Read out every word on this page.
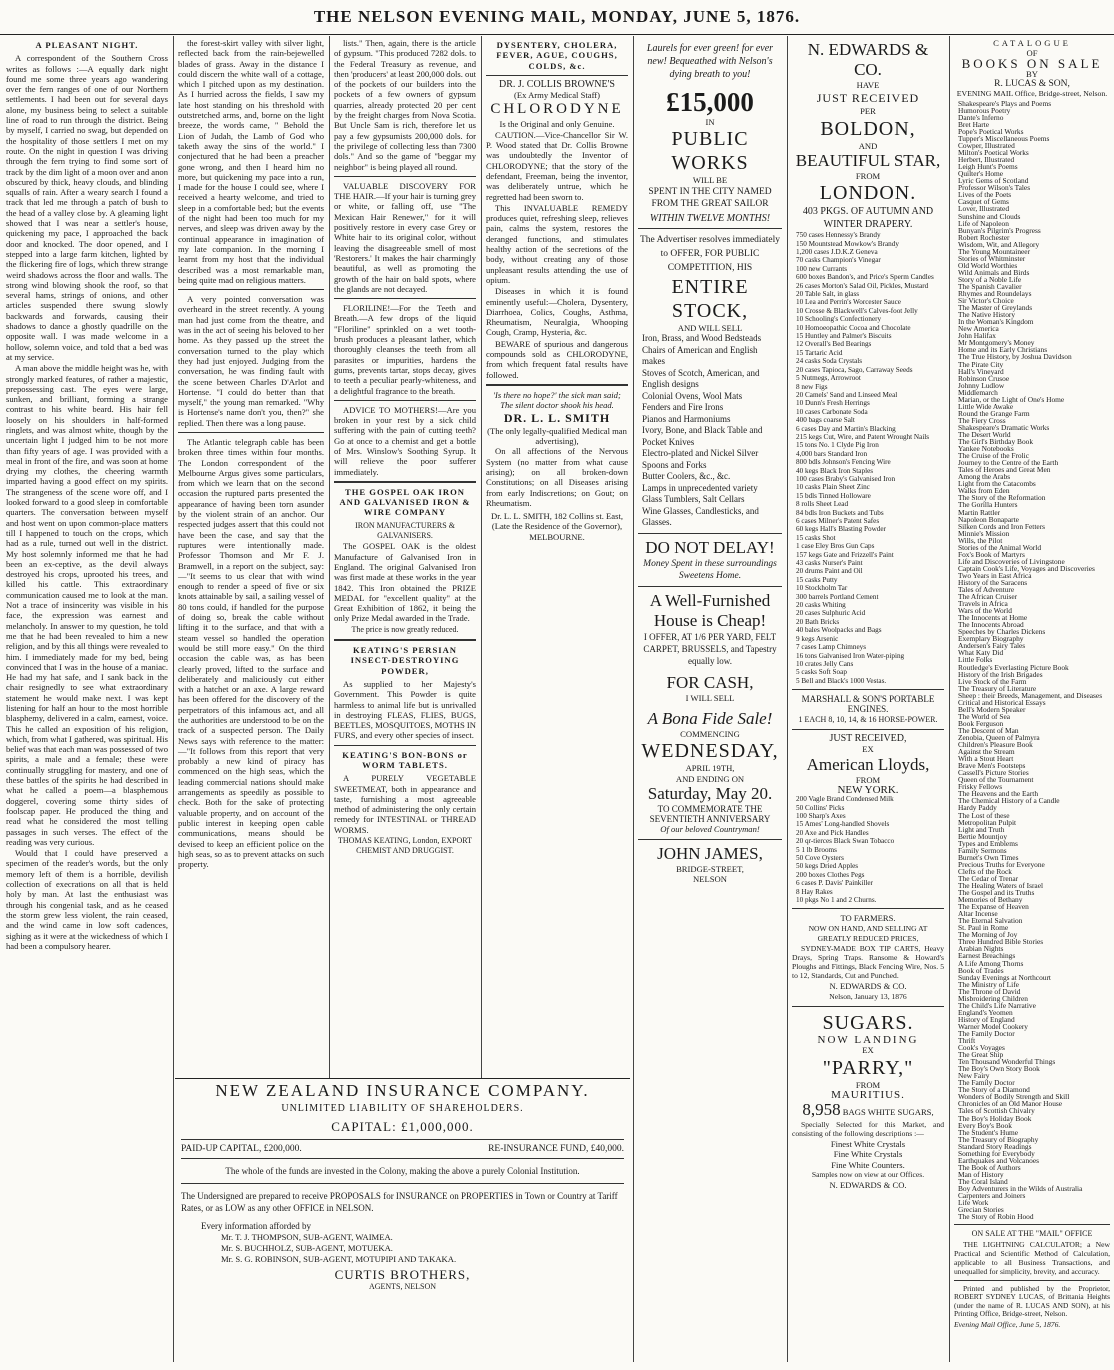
THE NELSON EVENING MAIL, MONDAY, JUNE 5, 1876.
A PLEASANT NIGHT.

A correspondent of the Southern Cross writes as follows :—A equally dark night found me some three years ago wandering over the fern ranges of one of our Northern settlements. I had been out for several days alone, my business being to select a suitable line of road to run through the district. Being by myself, I carried no swag, but depended on the hospitality of those settlers I met on my route. On the night in question I was driving through the fern trying to find some sort of track by the dim light of a moon over and anon obscured by thick, heavy clouds, and blinding squalls of rain. After a weary search I found a track that led me through a patch of bush to the head of a valley close by. A gleaming light showed that I was near a settler's house, quickening my pace, I approached the back door and knocked. The door opened, and I stepped into a large farm kitchen, lighted by the flickering fire of logs, which threw strange weird shadows across the floor and walls. The strong wind blowing shook the roof, so that several hams, strings of onions, and other articles suspended there swung slowly backwards and forwards, causing their shadows to dance a ghostly quadrille on the opposite wall. I was made welcome in a hollow, solemn voice, and told that a bed was at my service.

A man above the middle height was he, with strongly marked features, of rather a majestic, prepossessing cast. The eyes were large, sunken, and brilliant, forming a strange contrast to his white beard. His hair fell loosely on his shoulders in half-formed ringlets, and was almost white, though by the uncertain light I judged him to be not more than fifty years of age. I was provided with a meal in front of the fire, and was soon at home drying my clothes, the cheering warmth imparted having a good effect on my spirits. The strangeness of the scene wore off, and I looked forward to a good sleep in comfortable quarters. The conversation between myself and host went on upon common-place matters till I happened to touch on the crops, which had as a rule, turned out well in the district. My host solemnly informed me that he had been an ex-ceptive, as the devil always destroyed his crops, uprooted his trees, and killed his cattle. This extraordinary communication caused me to look at the man. Not a trace of insincerity was visible in his face, the expression was earnest and melancholy. In answer to my question, he told me that he had been revealed to him a new religion, and by this all things were revealed to him. I immediately made for my bed, being convinced that I was in the house of a maniac. He had my hat safe, and I sank back in the chair resignedly to see what extraordinary statement he would make next. I was kept listening for half an hour to the most horrible blasphemy, delivered in a calm, earnest, voice. This he called an exposition of his religion, which, from what I gathered, was spiritual. His belief was that each man was possessed of two spirits, a male and a female; these were continually struggling for mastery, and one of these battles of the spirits he had described in what he called a poem—a blasphemous doggerel, covering some thirty sides of foolscap paper. He produced the thing and read what he considered the most telling passages in such verses. The effect of the reading was very curious.

Would that I could have preserved a specimen of the reader's words, but the only memory left of them is a horrible, devilish collection of execrations on all that is held holy by man. At last the enthusiast was through his congenial task, and as he ceased the storm grew less violent, the rain ceased, and the wind came in low soft cadences, sighing as it were at the wickedness of which I had been a compulsory hearer.

the forest-skirt valley with silver light, reflected back from the rain-bejewelled blades of grass. Away in the distance I could discern the white wall of a cottage, which I pitched upon as my destination. As I hurried across the fields, I saw my late host standing on his threshold with outstretched arms, and, borne on the light breeze, the words came, " Behold the Lion of Judah, the Lamb of God who taketh away the sins of the world." I conjectured that he had been a preacher gone wrong, and then I heard him no more, but quickening my pace into a run, I made for the house I could see, where I received a hearty welcome, and tried to sleep in a comfortable bed; but the events of the night had been too much for my nerves, and sleep was driven away by the continual appearance in imagination of my late companion. In the morning I learnt from my host that the individual described was a most remarkable man, being quite mad on religious matters.

A very pointed conversation was overheard in the street recently. A young man had just come from the theatre, and was in the act of seeing his beloved to her home. As they passed up the street the conversation turned to the play which they had just enjoyed. Judging from the conversation, he was finding fault with the scene between Charles D'Arlot and Hortense. "I could do better than that myself," the young man remarked. "Why is Hortense's name don't you, then?" she replied. Then there was a long pause.

The Atlantic telegraph cable has been broken three times within four months. The London correspondent of the Melbourne Argus gives some particulars, from which we learn that on the second occasion the ruptured parts presented the appearance of having been torn asunder by the violent strain of an anchor. Our respected judges assert that this could not have been the case, and say that the ruptures were intentionally made. Professor Thomson and Mr F. J. Bramwell, in a report on the subject, say:—"It seems to us clear that with wind enough to render a speed of five or six knots attainable by sail, a sailing vessel of 80 tons could, if handled for the purpose of doing so, break the cable without lifting it to the surface, and that with a steam vessel so handled the operation would be still more easy." On the third occasion the cable was, as has been clearly proved, lifted to the surface and deliberately and maliciously cut either with a hatchet or an axe. A large reward has been offered for the discovery of the perpetrators of this infamous act, and all the authorities are understood to be on the track of a suspected person. The Daily News says with reference to the matter:—"It follows from this report that very probably a new kind of piracy has commenced on the high seas, which the leading commercial nations should make arrangements as speedily as possible to check. Both for the sake of protecting valuable property, and on account of the public interest in keeping open cable communications, means should be devised to keep an efficient police on the high seas, so as to prevent attacks on such property.

lists." Then, again, there is the article of gypsum. "This produced 7282 dols. to the Federal Treasury as revenue, and then 'producers' at least 200,000 dols. out of the pockets of our builders into the pockets of a few owners of gypsum quarries, already protected 20 per cent by the freight charges from Nova Scotia. But Uncle Sam is rich, therefore let us pay a few gypsumists 200,000 dols. for the privilege of collecting less than 7300 dols." And so the game of "beggar my neighbor" is being played all round.

VALUABLE DISCOVERY FOR THE HAIR.—If your hair is turning grey or white, or falling off, use "The Mexican Hair Renewer," for it will positively restore in every case Grey or White hair to its original color, without leaving the disagreeable smell of most 'Restorers.' It makes the hair charmingly beautiful, as well as promoting the growth of the hair on bald spots, where the glands are not decayed.

FLORILINE!—For the Teeth and Breath.—A few drops of the liquid "Floriline" sprinkled on a wet tooth-brush produces a pleasant lather, which thoroughly cleanses the teeth from all parasites or impurities, hardens the gums, prevents tartar, stops decay, gives to teeth a peculiar pearly-whiteness, and a delightful fragrance to the breath.

ADVICE TO MOTHERS!—Are you broken in your rest by a sick child suffering with the pain of cutting teeth? Go at once to a chemist and get a bottle of Mrs. Winslow's Soothing Syrup. It will relieve the poor sufferer immediately.

THE GOSPEL OAK IRON AND GALVANISED IRON & WIRE COMPANY
IRON MANUFACTURERS & GALVANISERS.

The GOSPEL OAK is the oldest Manufacture of Galvanised Iron in England. The original Galvanised Iron was first made at these works in the year 1842. This Iron obtained the PRIZE MEDAL for "excellent quality" at the Great Exhibition of 1862, it being the only Prize Medal awarded in the Trade.

The price is now greatly reduced.
KEATING'S PERSIAN INSECT-DESTROYING POWDER,

As supplied to her Majesty's Government. This Powder is quite harmless to animal life but is unrivalled in destroying FLEAS, FLIES, BUGS, BEETLES, MOSQUITOES, MOTHS IN FURS, and every other species of insect.

KEATING'S BON-BONS or WORM TABLETS.

A PURELY VEGETABLE SWEETMEAT, both in appearance and taste, furnishing a most agreeable method of administering the only certain remedy for INTESTINAL or THREAD WORMS.

THOMAS KEATING, London, EXPORT CHEMIST AND DRUGGIST.
DYSENTERY, CHOLERA, FEVER, AGUE, COUGHS, COLDS, &c.
DR. J. COLLIS BROWNE'S
(Ex Army Medical Staff)
CHLORODYNE
Is the Original and only Genuine.

CAUTION.—Vice-Chancellor Sir W. P. Wood stated that Dr. Collis Browne was undoubtedly the Inventor of CHLORODYNE; that the story of the defendant, Freeman, being the inventor, was deliberately untrue, which he regretted had been sworn to.

This INVALUABLE REMEDY produces quiet, refreshing sleep, relieves pain, calms the system, restores the deranged functions, and stimulates healthy action of the secretions of the body, without creating any of those unpleasant results attending the use of opium.

Diseases in which it is found eminently useful:—Cholera, Dysentery, Diarrhoea, Colics, Coughs, Asthma, Rheumatism, Neuralgia, Whooping Cough, Cramp, Hysteria, &c.

BEWARE of spurious and dangerous compounds sold as CHLORODYNE, from which frequent fatal results have followed.

'Is there no hope?' the sick man said; The silent doctor shook his head.
DR. L. L. SMITH
(The only legally-qualified Medical man advertising),

On all affections of the Nervous System (no matter from what cause arising); on all broken-down Constitutions; on all Diseases arising from early Indiscretions; on Gout; on Rheumatism.

Dr. L. L. SMITH, 182 Collins st. East, (Late the Residence of the Governor), MELBOURNE.
Laurels for ever green! for ever new! Bequeathed with Nelson's dying breath to you!
£15,000
IN
PUBLIC WORKS
WILL BE
SPENT IN THE CITY NAMED FROM THE GREAT SAILOR
WITHIN TWELVE MONTHS!
The Advertiser resolves immediately to OFFER, FOR PUBLIC COMPETITION, HIS
ENTIRE STOCK,
AND WILL SELL
Iron, Brass, and Wood Bedsteads
Chairs of American and English makes
Stoves of Scotch, American, and English designs
Colonial Ovens, Wool Mats
Fenders and Fire Irons
Pianos and Harmoniums
Ivory, Bone, and Black Table and Pocket Knives
Electro-plated and Nickel Silver Spoons and Forks
Butter Coolers, &c., &c.
Lamps in unprecedented variety
Glass Tumblers, Salt Cellars
Wine Glasses, Candlesticks, and Glasses.
DO NOT DELAY!
Money Spent in these surroundings Sweetens Home.
A Well-Furnished House is Cheap!
I OFFER, AT 1/6 PER YARD, FELT CARPET, BRUSSELS, and Tapestry equally low.
FOR CASH,
I WILL SELL
A Bona Fide Sale!
COMMENCING
WEDNESDAY,
APRIL 19TH,
AND ENDING ON
Saturday, May 20.
TO COMMEMORATE THE SEVENTIETH ANNIVERSARY
Of our beloved Countryman!
JOHN JAMES,
BRIDGE-STREET,
NELSON
N. EDWARDS & CO.
HAVE
JUST RECEIVED
PER
BOLDON,
AND
BEAUTIFUL STAR,
FROM
LONDON.
403 PKGS. OF AUTUMN AND WINTER DRAPERY.
750 cases Hennessy's Brandy
150 Mountstead Mowkow's Brandy
1,200 cases J.D.K.Z Geneva
70 casks Champion's Vinegar
100 new Currants
600 boxes Bandon's, and Price's Sperm Candles
26 cases Morton's Salad Oil, Pickles, Mustard
20 Table Salt, in glass
10 Lea and Perrin's Worcester Sauce
10 Crosse & Blackwell's Calves-foot Jelly
10 Schooling's Confectionery
10 Homoeopathic Cocoa and Chocolate
15 Huntley and Palmer's Biscuits
12 Overall's Bed Bearings
15 Tartaric Acid
24 casks Soda Crystals
20 cases Tapioca, Sago, Carraway Seeds
5 Nutmegs, Arrowroot
8 new Figs
20 Camels' Sand and Linseed Meal
10 Dunn's Fresh Herrings
10 cases Carbonate Soda
400 bags coarse Salt
6 cases Day and Martin's Blacking
215 kegs Cut, Wire, and Patent Wrought Nails
15 tons No. 1 Clyde Pig Iron
4,000 bars Standard Iron
800 bdls Johnson's Fencing Wire
40 kegs Black Iron Staples
100 cases Braby's Galvanised Iron
10 casks Plain Sheet Zinc
15 bdls Tinned Holloware
8 rolls Sheet Lead
84 bdls Iron Buckets and Tubs
6 cases Milner's Patent Safes
60 kegs Hall's Blasting Powder
15 casks Shot
1 case Eley Bros Gun Caps
157 kegs Gate and Frizzell's Paint
43 casks Nurser's Paint
20 drums Paint and Oil
15 casks Putty
10 Stockholm Tar
300 barrels Portland Cement
20 casks Whiting
20 cases Sulphuric Acid
20 Bath Bricks
40 bales Woolpacks and Bags
9 kegs Arsenic
7 cases Lamp Chimneys
16 tons Galvanised Iron Water-piping
10 crates Jelly Cans
5 casks Soft Soap
5 Bell and Black's 1000 Vestas.
MARSHALL & SON'S PORTABLE ENGINES.
1 EACH 8, 10, 14, & 16 HORSE-POWER.
JUST RECEIVED,
EX
American Lloyds,
FROM
NEW YORK.
200 Vagle Brand Condensed Milk
50 Collins' Picks
100 Sharp's Axes
15 Ames' Long-handled Shovels
20 Axe and Pick Handles
20 qr-tierces Black Swan Tobacco
5 1 lb Brooms
50 Cove Oysters
50 kegs Dried Apples
200 boxes Clothes Pegs
6 cases P. Davis' Painkiller
8 Hay Rakes
10 pkgs No 1 and 2 Churns.
TO FARMERS.
NOW ON HAND, AND SELLING AT GREATLY REDUCED PRICES,

SYDNEY-MADE BOX TIP CARTS, Heavy Drays, Spring Traps. Ransome & Howard's Ploughs and Fittings, Black Fencing Wire, Nos. 5 to 12, Standards, Cut and Punched.

N. EDWARDS & CO.
Nelson, January 13, 1876
SUGARS.
NOW LANDING
EX
"PARRY,"
FROM
MAURITIUS.
8,958 BAGS WHITE SUGARS,

Specially Selected for this Market, and consisting of the following descriptions :—

Finest White Crystals
Fine White Crystals
Fine White Counters.
Samples now on view at our Offices.
N. EDWARDS & CO.
CATALOGUE
OF
BOOKS ON SALE
BY
R. LUCAS & SON,
EVENING MAIL Office, Bridge-street, Nelson.
Shakespeare's Plays and Poems
Humorous Poetry
Dante's Inferno
Bret Harte
Pope's Poetical Works
Tupper's Miscellaneous Poems
Cowper, Illustrated
Milton's Poetical Works
Herbert, Illustrated
Leigh Hunt's Poems
Quilter's Home
Lyric Gems of Scotland
Professor Wilson's Tales
Lives of the Poets
Casquet of Gems
Lover, Illustrated
Sunshine and Clouds
Life of Napoleon
Bunyan's Pilgrim's Progress
Robert Rochester
Wisdom, Wit, and Allegory
The Young Mountaineer
Stories of Whitminster
Old World Worthies
Wild Animals and Birds
Story of a Noble Life
The Spanish Cavalier
Rhymes and Roundelays
Sir Victor's Choice
The Master of Greylands
The Native History
In the Woman's Kingdom
New America
John Halifax
Mr Montgomery's Money
Home and its Early Christians
The True History, by Joshua Davidson
The Pirate City
Hall's Vineyard
Robinson Crusoe
Johnny Ludlow
Middlemarch
Marian, or the Light of One's Home
Little Wide Awake
Round the Grange Farm
The Fiery Cross
Shakespeare's Dramatic Works
The Desert World
The Girl's Birthday Book
Yankee Notebooks
The Cruise of the Frolic
Journey to the Centre of the Earth
Tales of Heroes and Great Men
Among the Arabs
Light from the Catacombs
Walks from Eden
The Story of the Reformation
The Gorilla Hunters
Martin Rattler
Napoleon Bonaparte
Silken Cords and Iron Fetters
Minnie's Mission
Wills, the Pilot
Stories of the Animal World
Fox's Book of Martyrs
Life and Discoveries of Livingstone
Captain Cook's Life, Voyages and Discoveries
Two Years in East Africa
History of the Saracens
Tales of Adventure
The African Cruiser
Travels in Africa
Wars of the World
The Innocents at Home
The Innocents Abroad
Speeches by Charles Dickens
Exemplary Biography
Andersen's Fairy Tales
What Katy Did
Little Folks
Routledge's Everlasting Picture Book
History of the Irish Brigades
Live Stock of the Farm
The Treasury of Literature
Sheep : their Breeds, Management, and Diseases
Critical and Historical Essays
Bell's Modern Speaker
The World of Sea
Book Ferguson
The Descent of Man
Zenobia, Queen of Palmyra
Children's Pleasure Book
Against the Stream
With a Stout Heart
Brave Men's Footsteps
Cassell's Picture Stories
Queen of the Tournament
Frisky Fellows
The Heavens and the Earth
The Chemical History of a Candle
Hardy Paddy
The Lost of these
Metropolitan Pulpit
Light and Truth
Bertie Mountjoy
Types and Emblems
Family Sermons
Burnet's Own Times
Precious Truths for Everyone
Clefts of the Rock
The Cedar of Trenar
The Healing Waters of Israel
The Gospel and its Truths
Memories of Bethany
The Expanse of Heaven
Altar Incense
The Eternal Salvation
St. Paul in Rome
The Morning of Joy
Three Hundred Bible Stories
Arabian Nights
Earnest Breachings
A Life Among Thorns
Book of Trades
Sunday Evenings at Northcourt
The Ministry of Life
The Throne of David
Misbroidering Children
The Child's Life Narrative
England's Yeomen
History of England
Warner Model Cookery
The Family Doctor
Thrift
Cook's Voyages
The Great Ship
Ten Thousand Wonderful Things
The Boy's Own Story Book
New Fairy
The Family Doctor
The Story of a Diamond
Wonders of Bodily Strength and Skill
Chronicles of an Old Manor House
Tales of Scottish Chivalry
The Boy's Holiday Book
Every Boy's Book
The Student's Hume
The Treasury of Biography
Standard Story Readings
Something for Everybody
Earthquakes and Volcanoes
The Book of Authors
Man of History
The Coral Island
Boy Adventurers in the Wilds of Australia
Carpenters and Joiners
Life Work
Grecian Stories
The Story of Robin Hood
ON SALE AT THE "MAIL" OFFICE

THE LIGHTNING CALCULATOR; a New Practical and Scientific Method of Calculation, applicable to all Business Transactions, and unequalled for simplicity, brevity, and accuracy.

Printed and published by the Proprietor, ROBERT SYDNEY LUCAS, of Brittania Heights (under the name of R. LUCAS AND SON), at his Printing Office, Bridge-street, Nelson.

Evening Mail Office, June 5, 1876.
NEW ZEALAND INSURANCE COMPANY.
UNLIMITED LIABILITY OF SHAREHOLDERS.
CAPITAL: £1,000,000.
PAID-UP CAPITAL, £200,000.	RE-INSURANCE FUND, £40,000.

The whole of the funds are invested in the Colony, making the above a purely Colonial Institution.

The Undersigned are prepared to receive PROPOSALS for INSURANCE on PROPERTIES in Town or Country at Tariff Rates, or as LOW as any other OFFICE in NELSON.

Every information afforded by
Mr. T. J. THOMPSON, SUB-AGENT, WAIMEA.
Mr. S. BUCHHOLZ, SUB-AGENT, MOTUEKA.
Mr. S. G. ROBINSON, SUB-AGENT, MOTUPIPI AND TAKAKA.
CURTIS BROTHERS,
AGENTS, NELSON
